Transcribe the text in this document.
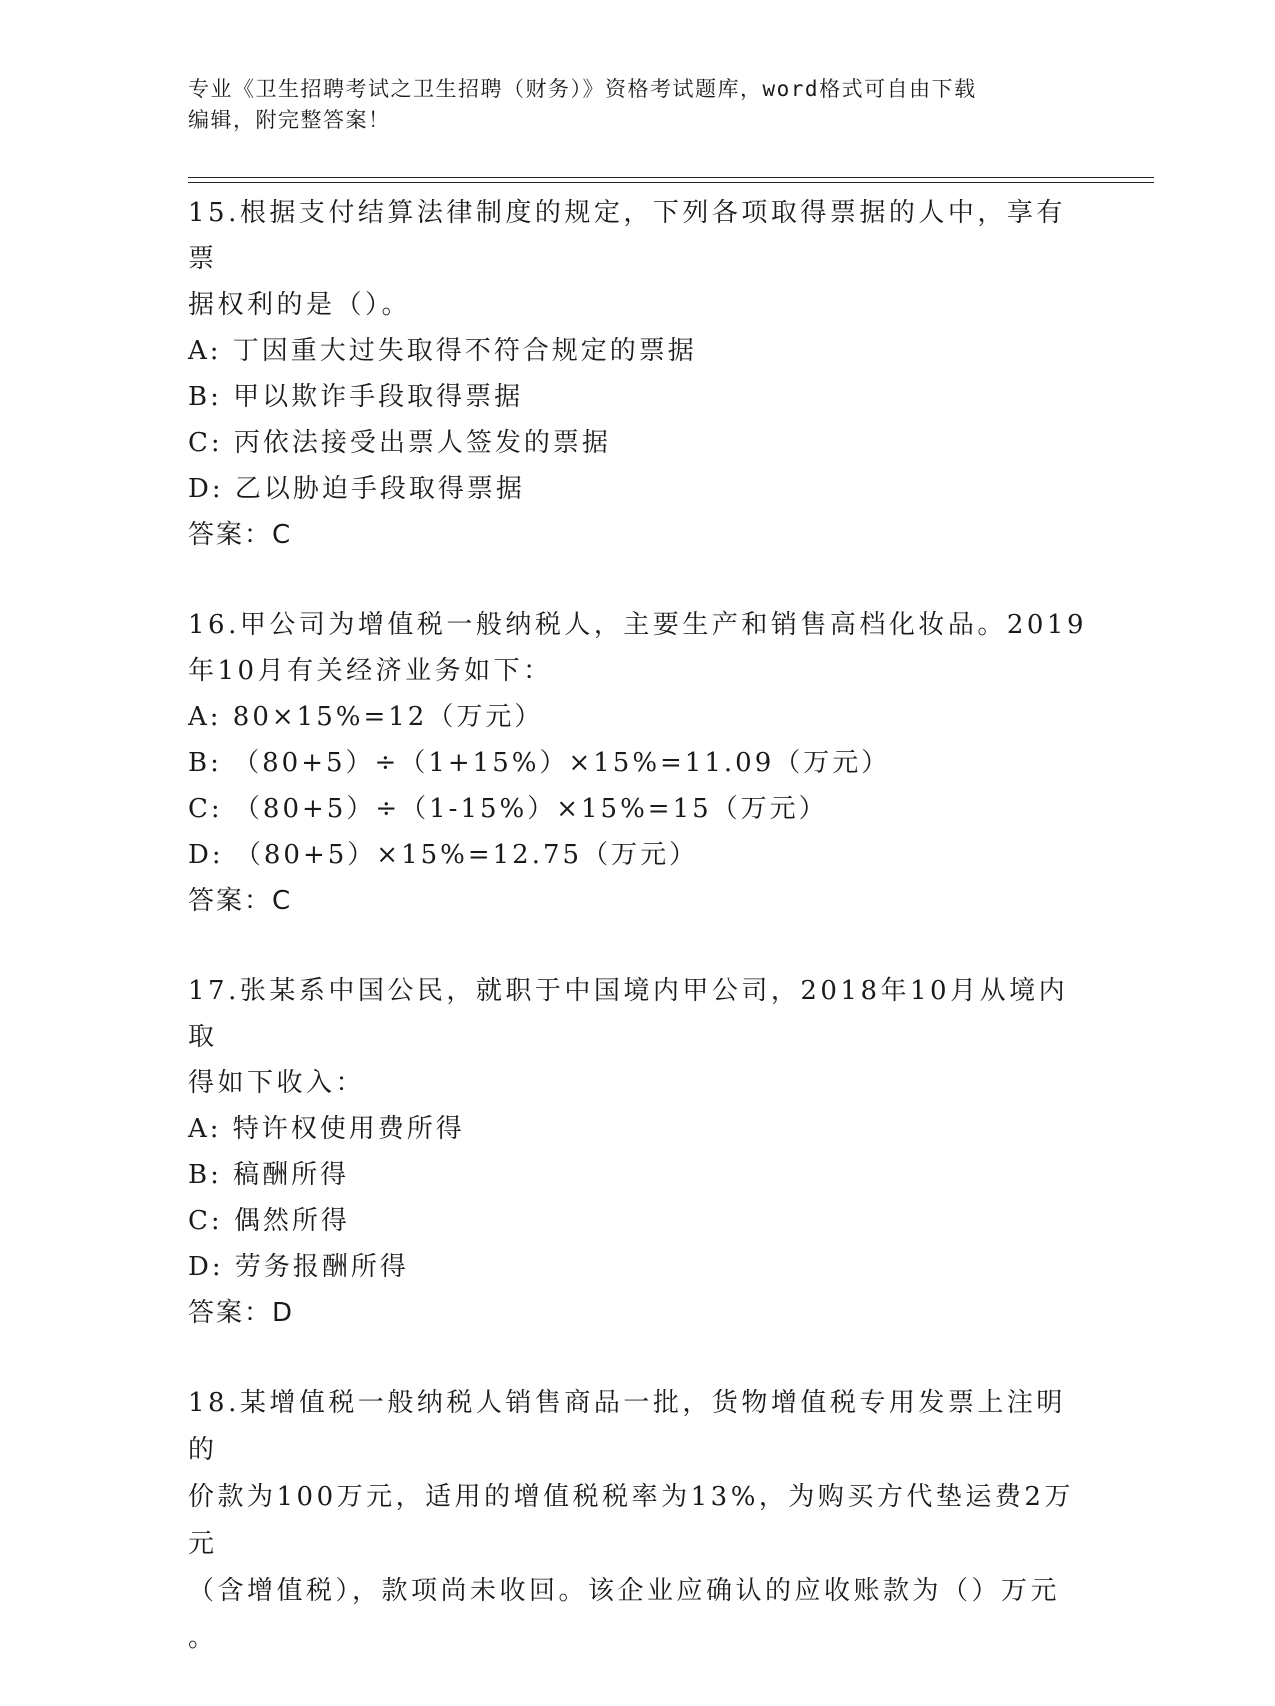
专业《卫生招聘考试之卫生招聘（财务）》资格考试题库，word格式可自由下载
编辑，附完整答案！
15.根据支付结算法律制度的规定，下列各项取得票据的人中，享有票
据权利的是（）。
A: 丁因重大过失取得不符合规定的票据
B: 甲以欺诈手段取得票据
C: 丙依法接受出票人签发的票据
D: 乙以胁迫手段取得票据
答案：C
16.甲公司为增值税一般纳税人，主要生产和销售高档化妆品。2019
年10月有关经济业务如下：
A: 80×15%=12（万元）
B: （80+5）÷（1+15%）×15%=11.09（万元）
C: （80+5）÷（1-15%）×15%=15（万元）
D: （80+5）×15%=12.75（万元）
答案：C
17.张某系中国公民，就职于中国境内甲公司，2018年10月从境内取
得如下收入：
A: 特许权使用费所得
B: 稿酬所得
C: 偶然所得
D: 劳务报酬所得
答案：D
18.某增值税一般纳税人销售商品一批，货物增值税专用发票上注明的
价款为100万元，适用的增值税税率为13%，为购买方代垫运费2万元
（含增值税），款项尚未收回。该企业应确认的应收账款为（）万元
。
